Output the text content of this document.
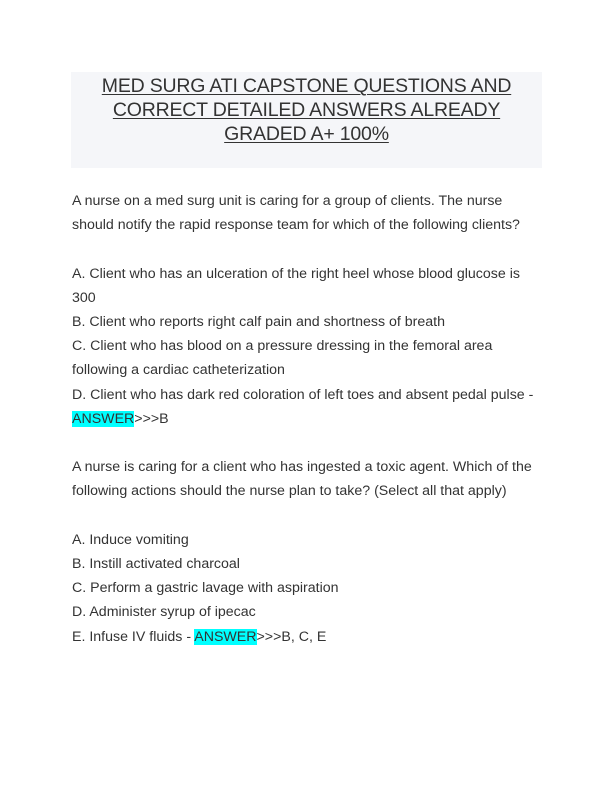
MED SURG ATI CAPSTONE QUESTIONS AND
CORRECT DETAILED ANSWERS ALREADY
GRADED A+ 100%
A nurse on a med surg unit is caring for a group of clients. The nurse
should notify the rapid response team for which of the following clients?
A. Client who has an ulceration of the right heel whose blood glucose is
300
B. Client who reports right calf pain and shortness of breath
C. Client who has blood on a pressure dressing in the femoral area
following a cardiac catheterization
D. Client who has dark red coloration of left toes and absent pedal pulse -
ANSWER>>>B
A nurse is caring for a client who has ingested a toxic agent. Which of the
following actions should the nurse plan to take? (Select all that apply)
A. Induce vomiting
B. Instill activated charcoal
C. Perform a gastric lavage with aspiration
D. Administer syrup of ipecac
E. Infuse IV fluids - ANSWER>>>B, C, E
